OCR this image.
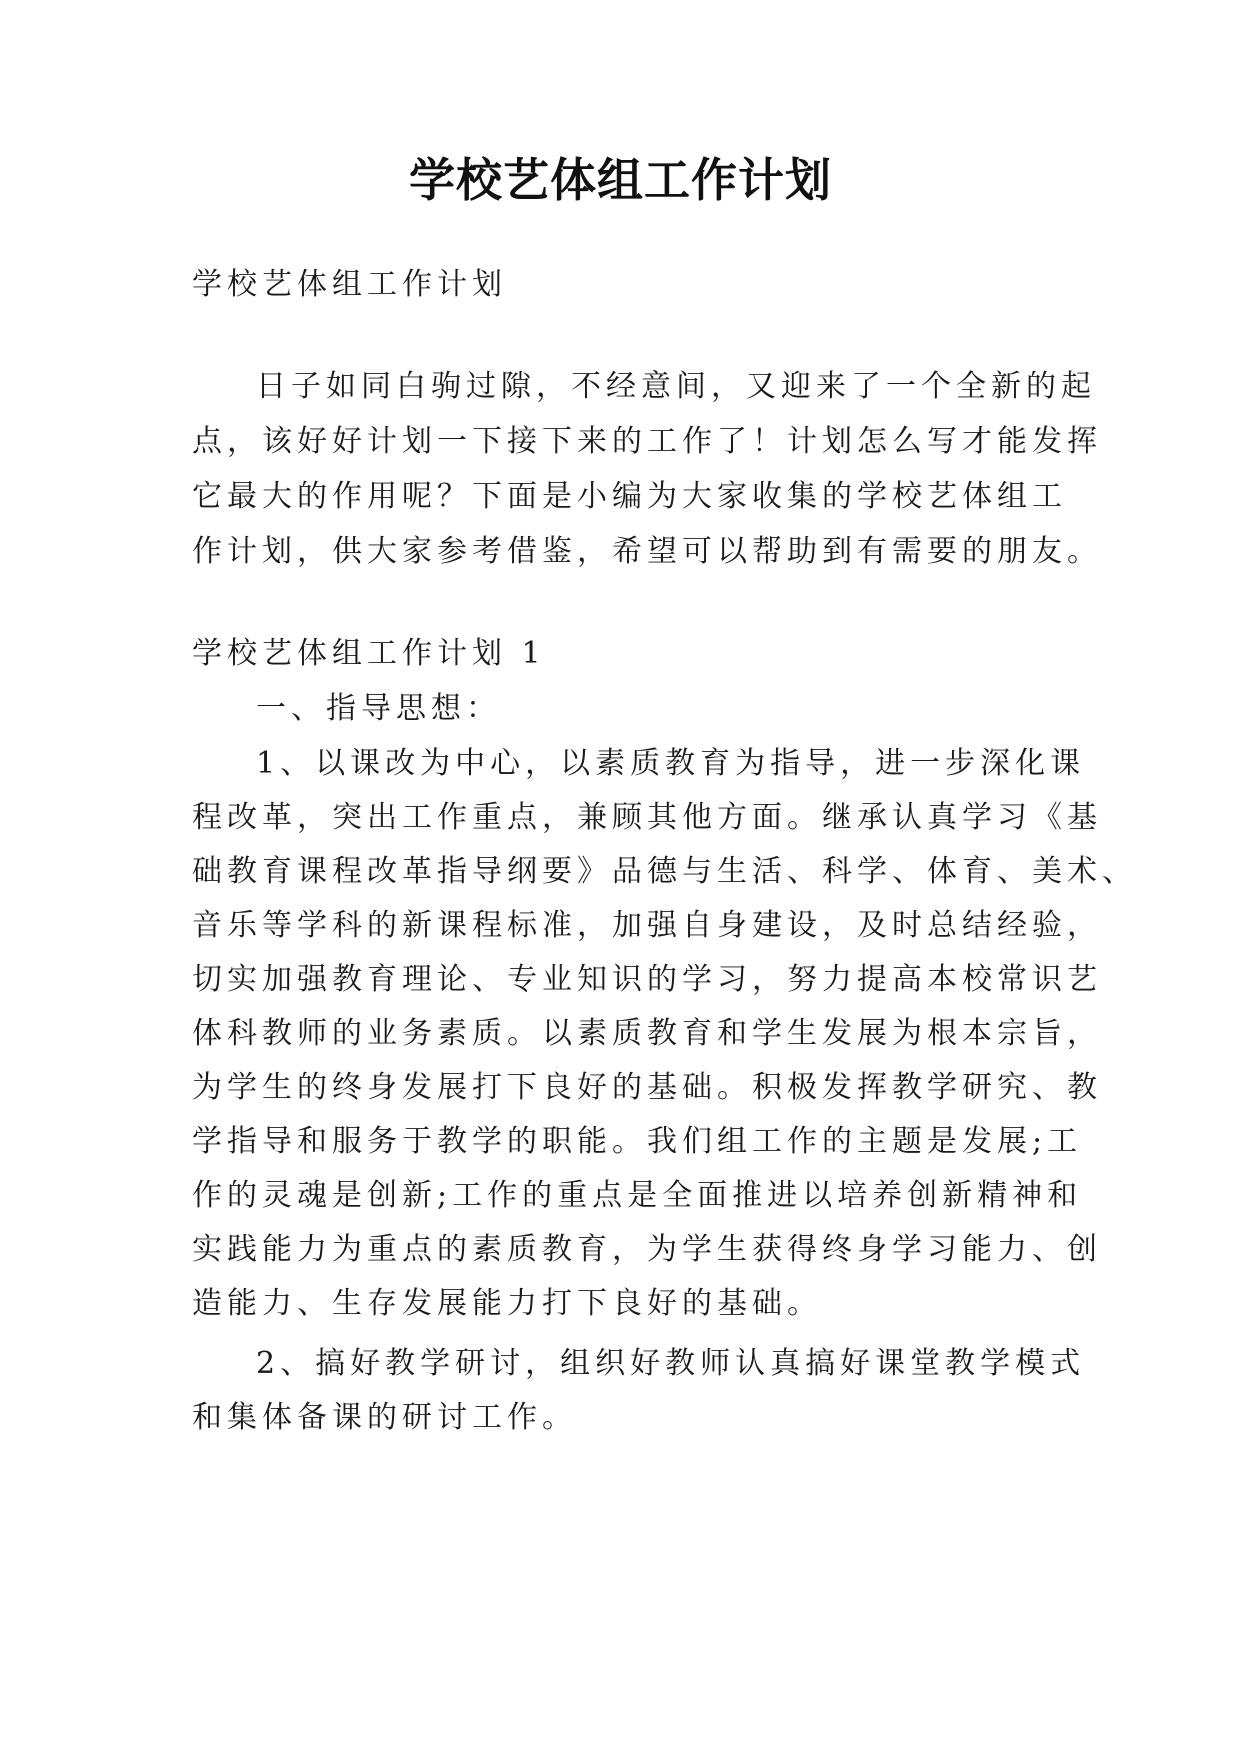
学校艺体组工作计划
学校艺体组工作计划
日子如同白驹过隙，不经意间，又迎来了一个全新的起
点，该好好计划一下接下来的工作了！计划怎么写才能发挥
它最大的作用呢？下面是小编为大家收集的学校艺体组工
作计划，供大家参考借鉴，希望可以帮助到有需要的朋友。
学校艺体组工作计划 1
一、指导思想：
1、以课改为中心，以素质教育为指导，进一步深化课
程改革，突出工作重点，兼顾其他方面。继承认真学习《基
础教育课程改革指导纲要》品德与生活、科学、体育、美术、
音乐等学科的新课程标准，加强自身建设，及时总结经验，
切实加强教育理论、专业知识的学习，努力提高本校常识艺
体科教师的业务素质。以素质教育和学生发展为根本宗旨，
为学生的终身发展打下良好的基础。积极发挥教学研究、教
学指导和服务于教学的职能。我们组工作的主题是发展;工
作的灵魂是创新;工作的重点是全面推进以培养创新精神和
实践能力为重点的素质教育，为学生获得终身学习能力、创
造能力、生存发展能力打下良好的基础。
2、搞好教学研讨，组织好教师认真搞好课堂教学模式
和集体备课的研讨工作。
